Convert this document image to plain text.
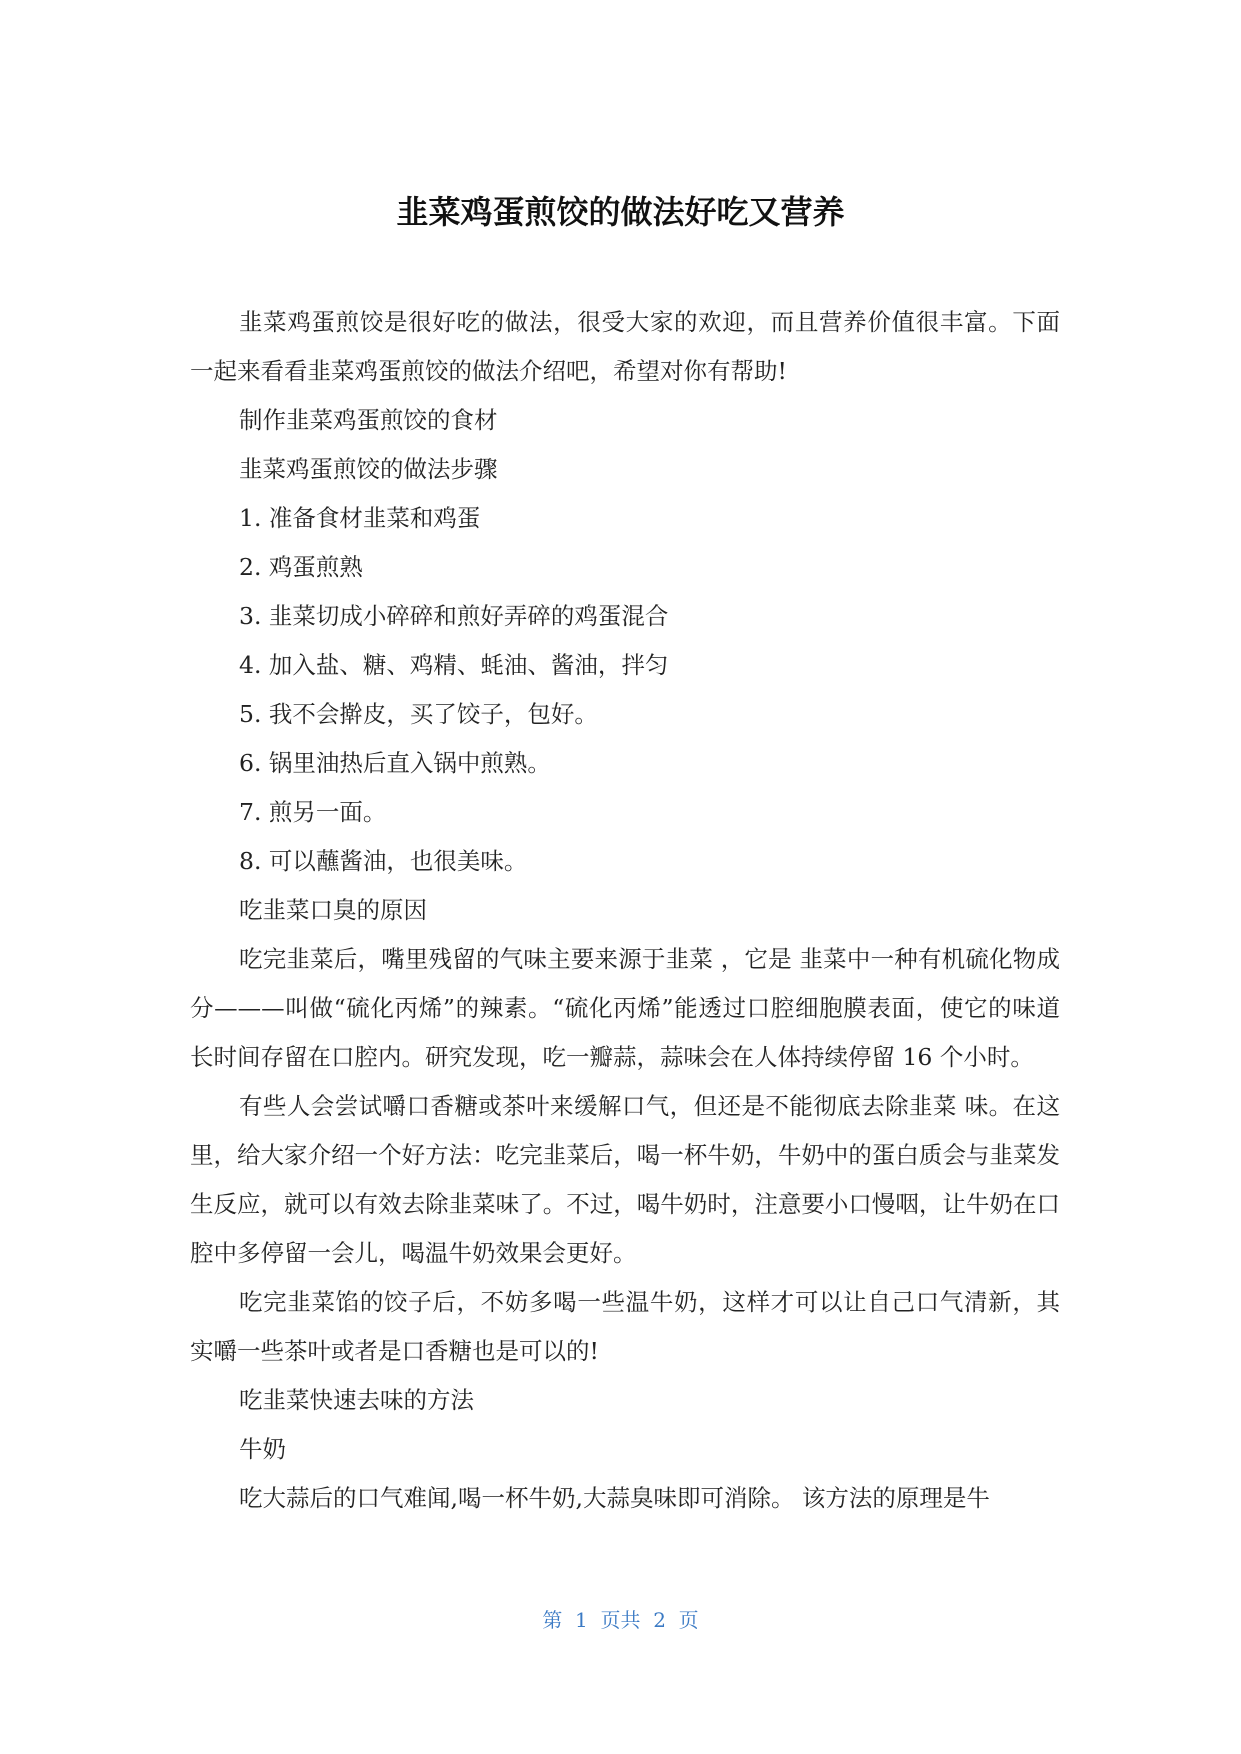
韭菜鸡蛋煎饺的做法好吃又营养

韭菜鸡蛋煎饺是很好吃的做法，很受大家的欢迎，而且营养价值很丰富。下面一起来看看韭菜鸡蛋煎饺的做法介绍吧，希望对你有帮助!

制作韭菜鸡蛋煎饺的食材

韭菜鸡蛋煎饺的做法步骤

1. 准备食材韭菜和鸡蛋

2. 鸡蛋煎熟

3. 韭菜切成小碎碎和煎好弄碎的鸡蛋混合

4. 加入盐、糖、鸡精、蚝油、酱油，拌匀

5. 我不会擀皮，买了饺子，包好。

6. 锅里油热后直入锅中煎熟。

7. 煎另一面。

8. 可以蘸酱油，也很美味。

吃韭菜口臭的原因

吃完韭菜后，嘴里残留的气味主要来源于韭菜 ，它是 韭菜中一种有机硫化物成分———叫做“硫化丙烯”的辣素。“硫化丙烯”能透过口腔细胞膜表面，使它的味道长时间存留在口腔内。研究发现，吃一瓣蒜，蒜味会在人体持续停留 16 个小时。

有些人会尝试嚼口香糖或茶叶来缓解口气，但还是不能彻底去除韭菜 味。在这里，给大家介绍一个好方法：吃完韭菜后，喝一杯牛奶，牛奶中的蛋白质会与韭菜发生反应，就可以有效去除韭菜味了。不过，喝牛奶时，注意要小口慢咽，让牛奶在口腔中多停留一会儿，喝温牛奶效果会更好。

吃完韭菜馅的饺子后，不妨多喝一些温牛奶，这样才可以让自己口气清新，其实嚼一些茶叶或者是口香糖也是可以的!

吃韭菜快速去味的方法

牛奶

吃大蒜后的口气难闻,喝一杯牛奶,大蒜臭味即可消除。 该方法的原理是牛

第  1  页共  2  页
